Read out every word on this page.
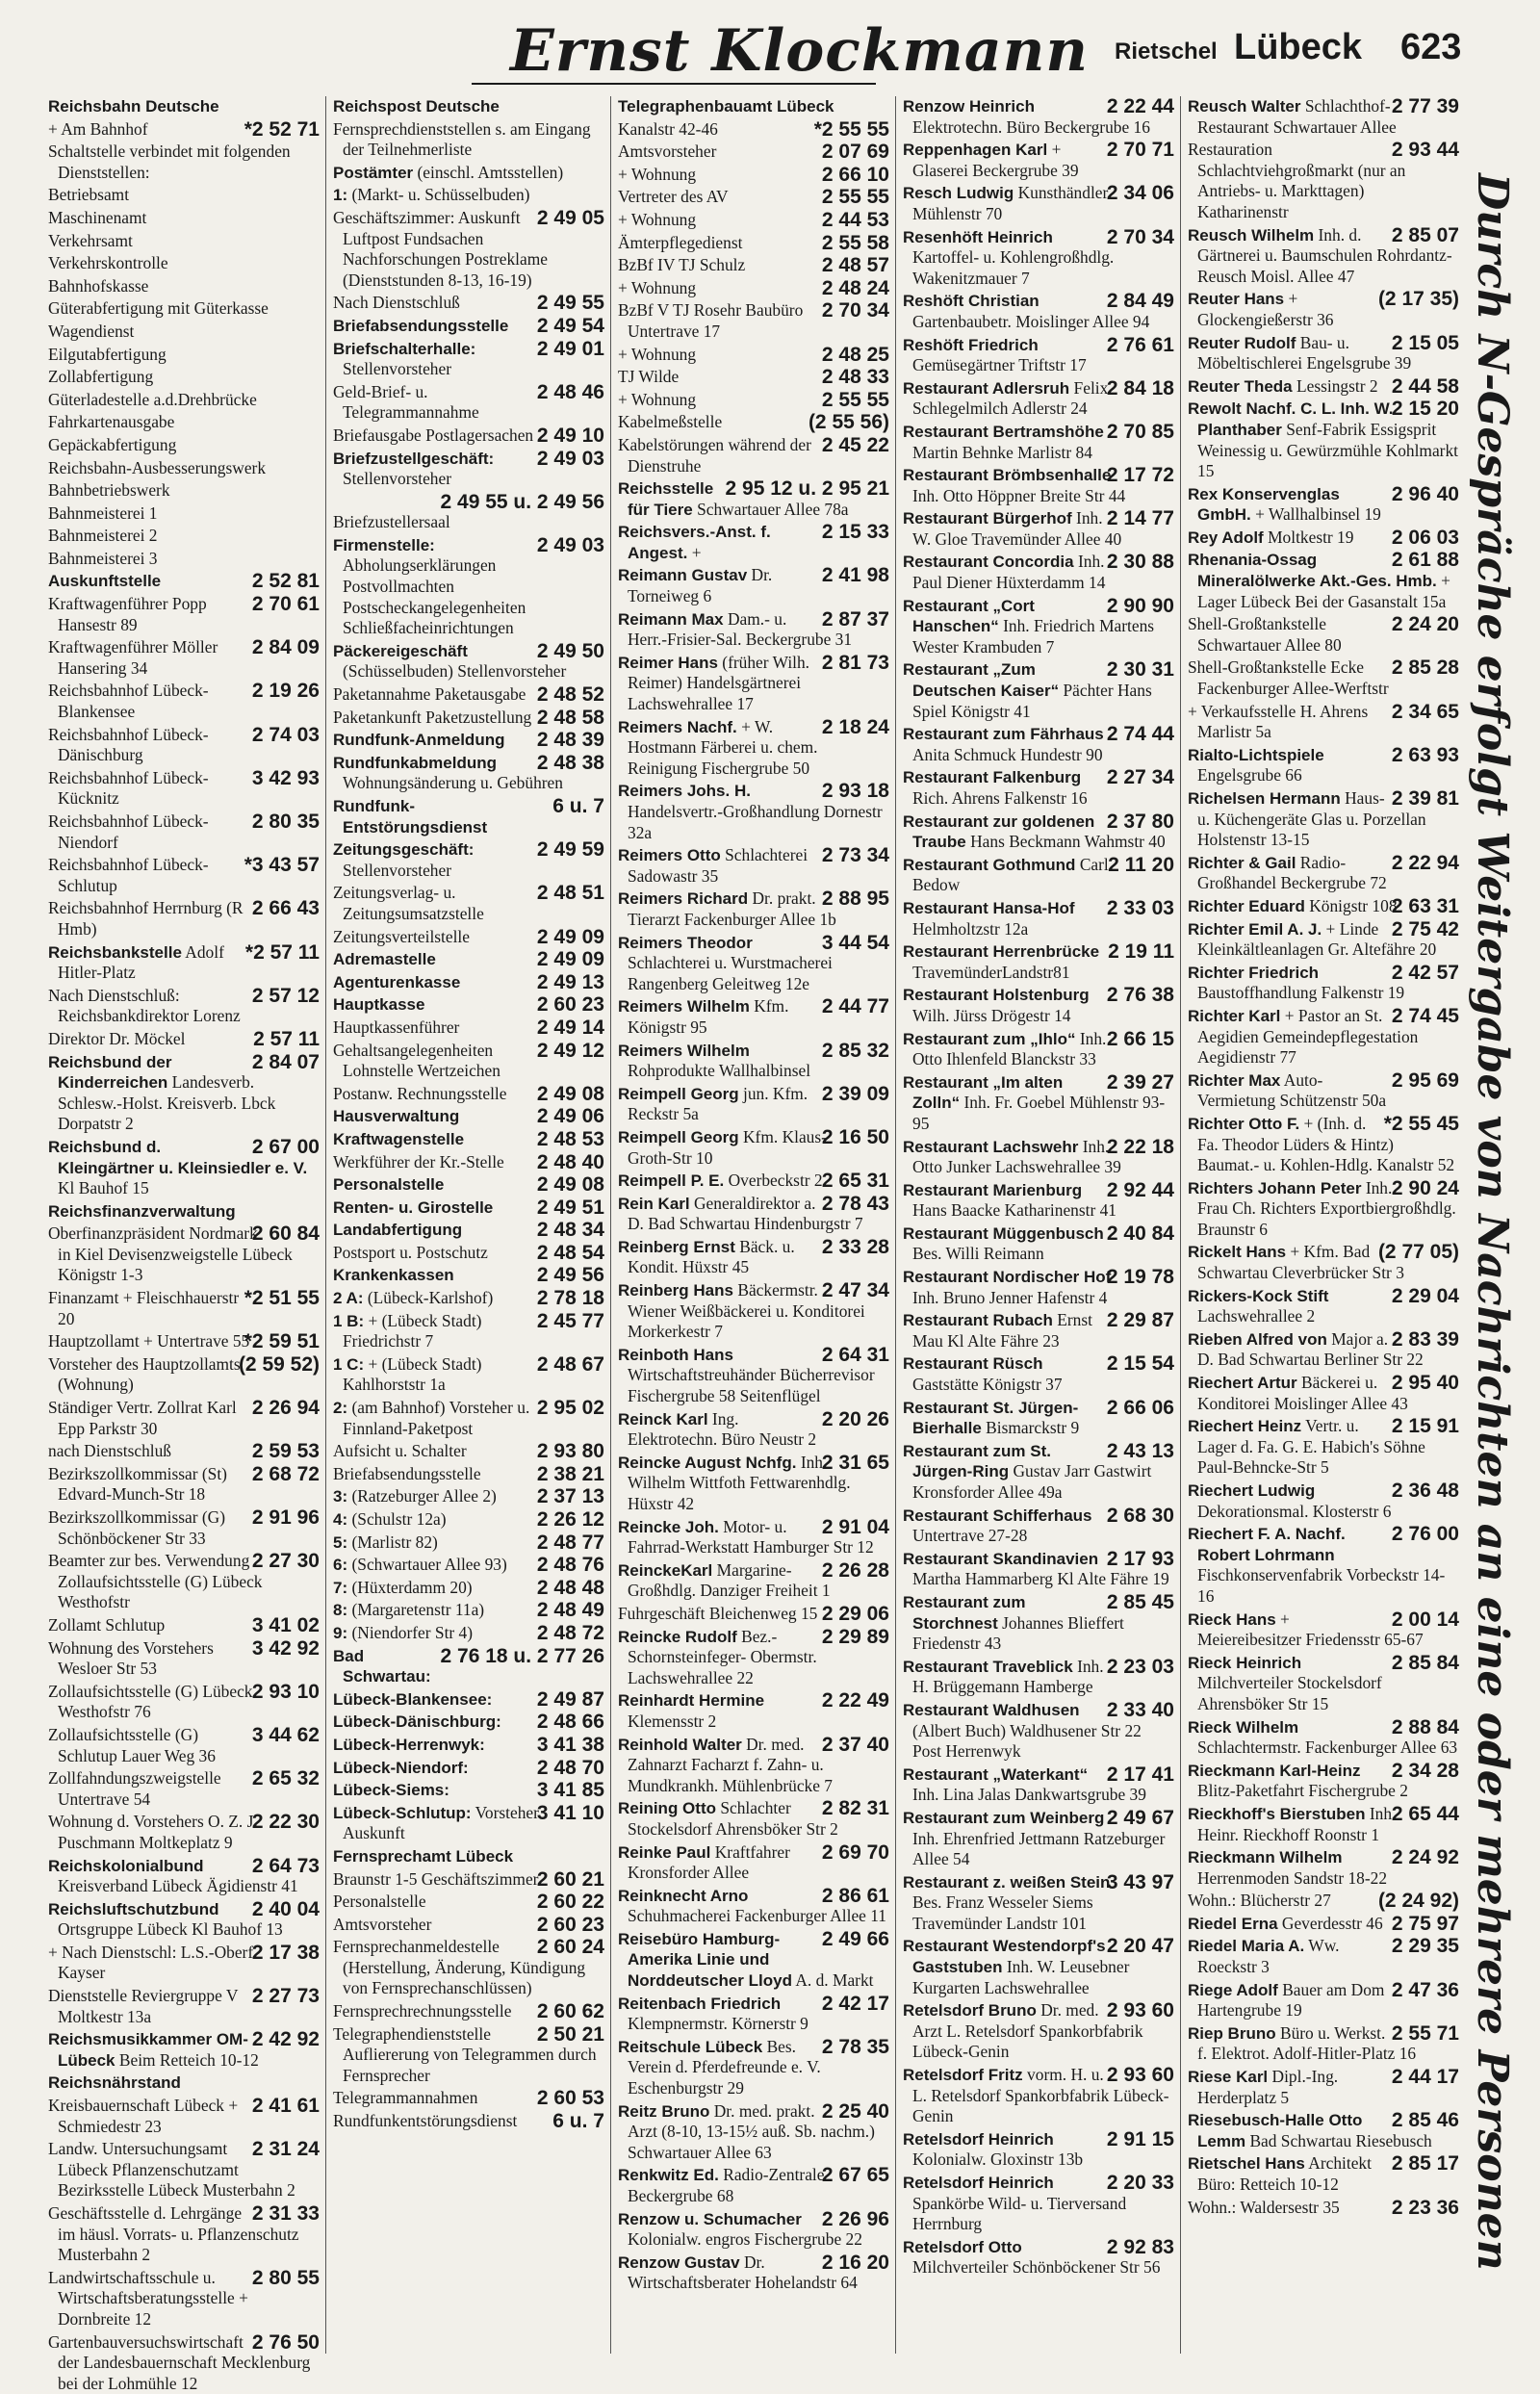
Ernst Klockmann Rietschel Lübeck 623
Reichsbahn Deutsche
*2 52 71
+ Am Bahnhof
Schaltstelle verbindet mit folgenden Dienststellen:
Betriebsamt
Maschinenamt
Verkehrsamt
Verkehrskontrolle
Bahnhofskasse
Güterabfertigung mit Güterkasse
Wagendienst
Eilgutabfertigung
Zollabfertigung
Güterladestelle a.d.Drehbrücke
Fahrkartenausgabe
Gepäckabfertigung
Reichsbahn-Ausbesserungswerk
Bahnbetriebswerk
Bahnmeisterei 1
Bahnmeisterei 2
Bahnmeisterei 3
2 52 81
Auskunftstelle
2 70 61
Kraftwagenführer Popp Hansestr 89
2 84 09
Kraftwagenführer Möller Hansering 34
2 19 26
Reichsbahnhof Lübeck-Blankensee
2 74 03
Reichsbahnhof Lübeck-Dänischburg
3 42 93
Reichsbahnhof Lübeck-Kücknitz
2 80 35
Reichsbahnhof Lübeck-Niendorf
*3 43 57
Reichsbahnhof Lübeck-Schlutup
2 66 43
Reichsbahnhof Herrnburg (R Hmb)
*2 57 11
Reichsbankstelle Adolf Hitler-Platz
2 57 12
Nach Dienstschluß: Reichsbankdirektor Lorenz
2 57 11
Direktor Dr. Möckel
2 84 07
Reichsbund der Kinderreichen Landesverb. Schlesw.-Holst. Kreisverb. Lbck Dorpatstr 2
2 67 00
Reichsbund d. Kleingärtner u. Kleinsiedler e. V. Kl Bauhof 15
Reichsfinanzverwaltung
2 60 84
Oberfinanzpräsident Nordmark in Kiel Devisenzweigstelle Lübeck Königstr 1-3
*2 51 55
Finanzamt + Fleischhauerstr 20
*2 59 51
Hauptzollamt + Untertrave 55
(2 59 52)
Vorsteher des Hauptzollamts (Wohnung)
2 26 94
Ständiger Vertr. Zollrat Karl Epp Parkstr 30
2 59 53
nach Dienstschluß
2 68 72
Bezirkszollkommissar (St) Edvard-Munch-Str 18
2 91 96
Bezirkszollkommissar (G) Schönböckener Str 33
2 27 30
Beamter zur bes. Verwendung Zollaufsichtsstelle (G) Lübeck Westhofstr
3 41 02
Zollamt Schlutup
3 42 92
Wohnung des Vorstehers Wesloer Str 53
2 93 10
Zollaufsichtsstelle (G) Lübeck Westhofstr 76
3 44 62
Zollaufsichtsstelle (G) Schlutup Lauer Weg 36
2 65 32
Zollfahndungszweigstelle Untertrave 54
2 22 30
Wohnung d. Vorstehers O. Z. J. Puschmann Moltkeplatz 9
2 64 73
Reichskolonialbund Kreisverband Lübeck Ägidienstr 41
2 40 04
Reichsluftschutzbund Ortsgruppe Lübeck Kl Bauhof 13
2 17 38
+ Nach Dienstschl: L.S.-Oberf. Kayser
2 27 73
Dienststelle Reviergruppe V Moltkestr 13a
2 42 92
Reichsmusikkammer OM-Lübeck Beim Retteich 10-12
Reichsnährstand
2 41 61
Kreisbauernschaft Lübeck + Schmiedestr 23
2 31 24
Landw. Untersuchungsamt Lübeck Pflanzenschutzamt Bezirksstelle Lübeck Musterbahn 2
2 31 33
Geschäftsstelle d. Lehrgänge im häusl. Vorrats- u. Pflanzenschutz Musterbahn 2
2 80 55
Landwirtschaftsschule u. Wirtschaftsberatungsstelle + Dornbreite 12
2 76 50
Gartenbauversuchswirtschaft der Landesbauernschaft Mecklenburg bei der Lohmühle 12
Reichspost Deutsche
Fernsprechdienststellen s. am Eingang der Teilnehmerliste
Postämter (einschl. Amtsstellen)
1: (Markt- u. Schüsselbuden)
2 49 05
Geschäftszimmer: Auskunft Luftpost Fundsachen Nachforschungen Postreklame (Dienststunden 8-13, 16-19)
2 49 55
Nach Dienstschluß
2 49 54
Briefabsendungsstelle
2 49 01
Briefschalterhalle: Stellenvorsteher
2 48 46
Geld-Brief- u. Telegrammannahme
2 49 10
Briefausgabe Postlagersachen
2 49 03
Briefzustellgeschäft: Stellenvorsteher
2 49 55 u. 2 49 56
Briefzustellersaal
2 49 03
Firmenstelle: Abholungserklärungen Postvollmachten Postscheckangelegenheiten Schließfacheinrichtungen
2 49 50
Päckereigeschäft (Schüsselbuden) Stellenvorsteher
2 48 52
Paketannahme Paketausgabe
2 48 58
Paketankunft Paketzustellung
2 48 39
Rundfunk-Anmeldung
2 48 38
Rundfunkabmeldung Wohnungsänderung u. Gebühren
6 u. 7
Rundfunk-Entstörungsdienst
2 49 59
Zeitungsgeschäft: Stellenvorsteher
2 48 51
Zeitungsverlag- u. Zeitungsumsatzstelle
2 49 09
Zeitungsverteilstelle
2 49 09
Adremastelle
2 49 13
Agenturenkasse
2 60 23
Hauptkasse
2 49 14
Hauptkassenführer
2 49 12
Gehaltsangelegenheiten Lohnstelle Wertzeichen
2 49 08
Postanw. Rechnungsstelle
2 49 06
Hausverwaltung
2 48 53
Kraftwagenstelle
2 48 40
Werkführer der Kr.-Stelle
2 49 08
Personalstelle
2 49 51
Renten- u. Girostelle
2 48 34
Landabfertigung
2 48 54
Postsport u. Postschutz
2 49 56
Krankenkassen
2 78 18
2 A: (Lübeck-Karlshof)
2 45 77
1 B: + (Lübeck Stadt) Friedrichstr 7
2 48 67
1 C: + (Lübeck Stadt) Kahlhorststr 1a
2 95 02
2: (am Bahnhof) Vorsteher u. Finnland-Paketpost
2 93 80
Aufsicht u. Schalter
2 38 21
Briefabsendungsstelle
2 37 13
3: (Ratzeburger Allee 2)
2 26 12
4: (Schulstr 12a)
2 48 77
5: (Marlistr 82)
2 48 76
6: (Schwartauer Allee 93)
2 48 48
7: (Hüxterdamm 20)
2 48 49
8: (Margaretenstr 11a)
2 48 72
9: (Niendorfer Str 4)
2 76 18 u. 2 77 26
Bad Schwartau:
2 49 87
Lübeck-Blankensee:
2 48 66
Lübeck-Dänischburg:
3 41 38
Lübeck-Herrenwyk:
2 48 70
Lübeck-Niendorf:
3 41 85
Lübeck-Siems:
3 41 10
Lübeck-Schlutup: Vorsteher Auskunft
Fernsprechamt Lübeck
2 60 21
Braunstr 1-5 Geschäftszimmer
2 60 22
Personalstelle
2 60 23
Amtsvorsteher
2 60 24
Fernsprechanmeldestelle (Herstellung, Änderung, Kündigung von Fernsprechanschlüssen)
2 60 62
Fernsprechrechnungsstelle
2 50 21
Telegraphendienststelle Aufliererung von Telegrammen durch Fernsprecher
2 60 53
Telegrammannahmen
6 u. 7
Rundfunkentstörungsdienst
Telegraphenbauamt Lübeck
*2 55 55
Kanalstr 42-46
2 07 69
Amtsvorsteher
2 66 10
+ Wohnung
2 55 55
Vertreter des AV
2 44 53
+ Wohnung
2 55 58
Ämterpflegedienst
2 48 57
BzBf IV TJ Schulz
2 48 24
+ Wohnung
2 70 34
BzBf V TJ Rosehr Baubüro Untertrave 17
2 48 25
+ Wohnung
2 48 33
TJ Wilde
2 55 55
+ Wohnung
(2 55 56)
Kabelmeßstelle
2 45 22
Kabelstörungen während der Dienstruhe
2 95 12 u. 2 95 21
Reichsstelle für Tiere Schwartauer Allee 78a
2 15 33
Reichsvers.-Anst. f. Angest. +
2 41 98
Reimann Gustav Dr. Torneiweg 6
2 87 37
Reimann Max Dam.- u. Herr.-Frisier-Sal. Beckergrube 31
2 81 73
Reimer Hans (früher Wilh. Reimer) Handelsgärtnerei Lachswehrallee 17
2 18 24
Reimers Nachf. + W. Hostmann Färberei u. chem. Reinigung Fischergrube 50
2 93 18
Reimers Johs. H. Handelsvertr.-Großhandlung Dornestr 32a
2 73 34
Reimers Otto Schlachterei Sadowastr 35
2 88 95
Reimers Richard Dr. prakt. Tierarzt Fackenburger Allee 1b
3 44 54
Reimers Theodor Schlachterei u. Wurstmacherei Rangenberg Geleitweg 12e
2 44 77
Reimers Wilhelm Kfm. Königstr 95
2 85 32
Reimers Wilhelm Rohprodukte Wallhalbinsel
2 39 09
Reimpell Georg jun. Kfm. Reckstr 5a
2 16 50
Reimpell Georg Kfm. Klaus-Groth-Str 10
2 65 31
Reimpell P. E. Overbeckstr 2
2 78 43
Rein Karl Generaldirektor a. D. Bad Schwartau Hindenburgstr 7
2 33 28
Reinberg Ernst Bäck. u. Kondit. Hüxstr 45
2 47 34
Reinberg Hans Bäckermstr. Wiener Weißbäckerei u. Konditorei Morkerkestr 7
2 64 31
Reinboth Hans Wirtschaftstreuhänder Bücherrevisor Fischergrube 58 Seitenflügel
2 20 26
Reinck Karl Ing. Elektrotechn. Büro Neustr 2
2 31 65
Reincke August Nchfg. Inh. Wilhelm Wittfoth Fettwarenhdlg. Hüxstr 42
2 91 04
Reincke Joh. Motor- u. Fahrrad-Werkstatt Hamburger Str 12
2 26 28
ReinckeKarl Margarine-Großhdlg. Danziger Freiheit 1
2 29 06
Fuhrgeschäft Bleichenweg 15
2 29 89
Reincke Rudolf Bez.-Schornsteinfeger- Obermstr. Lachswehrallee 22
2 22 49
Reinhardt Hermine Klemensstr 2
2 37 40
Reinhold Walter Dr. med. Zahnarzt Facharzt f. Zahn- u. Mundkrankh. Mühlenbrücke 7
2 82 31
Reining Otto Schlachter Stockelsdorf Ahrensböker Str 2
2 69 70
Reinke Paul Kraftfahrer Kronsforder Allee
2 86 61
Reinknecht Arno Schuhmacherei Fackenburger Allee 11
2 49 66
Reisebüro Hamburg-Amerika Linie und Norddeutscher Lloyd A. d. Markt
2 42 17
Reitenbach Friedrich Klempnermstr. Körnerstr 9
2 78 35
Reitschule Lübeck Bes. Verein d. Pferdefreunde e. V. Eschenburgstr 29
2 25 40
Reitz Bruno Dr. med. prakt. Arzt (8-10, 13-15½ auß. Sb. nachm.) Schwartauer Allee 63
2 67 65
Renkwitz Ed. Radio-Zentrale Beckergrube 68
2 26 96
Renzow u. Schumacher Kolonialw. engros Fischergrube 22
2 16 20
Renzow Gustav Dr. Wirtschaftsberater Hohelandstr 64
2 22 44
Renzow Heinrich Elektrotechn. Büro Beckergrube 16
2 70 71
Reppenhagen Karl + Glaserei Beckergrube 39
2 34 06
Resch Ludwig Kunsthändler Mühlenstr 70
2 70 34
Resenhöft Heinrich Kartoffel- u. Kohlengroßhdlg. Wakenitzmauer 7
2 84 49
Reshöft Christian Gartenbaubetr. Moislinger Allee 94
2 76 61
Reshöft Friedrich Gemüsegärtner Triftstr 17
2 84 18
Restaurant Adlersruh Felix Schlegelmilch Adlerstr 24
2 70 85
Restaurant Bertramshöhe Martin Behnke Marlistr 84
2 17 72
Restaurant Brömbsenhalle Inh. Otto Höppner Breite Str 44
2 14 77
Restaurant Bürgerhof Inh. W. Gloe Travemünder Allee 40
2 30 88
Restaurant Concordia Inh. Paul Diener Hüxterdamm 14
2 90 90
Restaurant „Cort Hanschen“ Inh. Friedrich Martens Wester Krambuden 7
2 30 31
Restaurant „Zum Deutschen Kaiser“ Pächter Hans Spiel Königstr 41
2 74 44
Restaurant zum Fährhaus Anita Schmuck Hundestr 90
2 27 34
Restaurant Falkenburg Rich. Ahrens Falkenstr 16
2 37 80
Restaurant zur goldenen Traube Hans Beckmann Wahmstr 40
2 11 20
Restaurant Gothmund Carl Bedow
2 33 03
Restaurant Hansa-Hof Helmholtzstr 12a
2 19 11
Restaurant Herrenbrücke TravemünderLandstr81
2 76 38
Restaurant Holstenburg Wilh. Jürss Drögestr 14
2 66 15
Restaurant zum „Ihlo“ Inh. Otto Ihlenfeld Blanckstr 33
2 39 27
Restaurant „Im alten Zolln“ Inh. Fr. Goebel Mühlenstr 93-95
2 22 18
Restaurant Lachswehr Inh. Otto Junker Lachswehrallee 39
2 92 44
Restaurant Marienburg Hans Baacke Katharinenstr 41
2 40 84
Restaurant Müggenbusch Bes. Willi Reimann
2 19 78
Restaurant Nordischer Hof Inh. Bruno Jenner Hafenstr 4
2 29 87
Restaurant Rubach Ernst Mau Kl Alte Fähre 23
2 15 54
Restaurant Rüsch Gaststätte Königstr 37
2 66 06
Restaurant St. Jürgen-Bierhalle Bismarckstr 9
2 43 13
Restaurant zum St. Jürgen-Ring Gustav Jarr Gastwirt Kronsforder Allee 49a
2 68 30
Restaurant Schifferhaus Untertrave 27-28
2 17 93
Restaurant Skandinavien Martha Hammarberg Kl Alte Fähre 19
2 85 45
Restaurant zum Storchnest Johannes Blieffert Friedenstr 43
2 23 03
Restaurant Traveblick Inh. H. Brüggemann Hamberge
2 33 40
Restaurant Waldhusen (Albert Buch) Waldhusener Str 22 Post Herrenwyk
2 17 41
Restaurant „Waterkant“ Inh. Lina Jalas Dankwartsgrube 39
2 49 67
Restaurant zum Weinberg Inh. Ehrenfried Jettmann Ratzeburger Allee 54
3 43 97
Restaurant z. weißen Stein Bes. Franz Wesseler Siems Travemünder Landstr 101
2 20 47
Restaurant Westendorpf's Gaststuben Inh. W. Leusebner Kurgarten Lachswehrallee
2 93 60
Retelsdorf Bruno Dr. med. Arzt L. Retelsdorf Spankorbfabrik Lübeck-Genin
2 93 60
Retelsdorf Fritz vorm. H. u. L. Retelsdorf Spankorbfabrik Lübeck-Genin
2 91 15
Retelsdorf Heinrich Kolonialw. Gloxinstr 13b
2 20 33
Retelsdorf Heinrich Spankörbe Wild- u. Tierversand Herrnburg
2 92 83
Retelsdorf Otto Milchverteiler Schönböckener Str 56
2 77 39
Reusch Walter Schlachthof-Restaurant Schwartauer Allee
2 93 44
Restauration Schlachtviehgroßmarkt (nur an Antriebs- u. Markttagen) Katharinenstr
2 85 07
Reusch Wilhelm Inh. d. Gärtnerei u. Baumschulen Rohrdantz-Reusch Moisl. Allee 47
(2 17 35)
Reuter Hans + Glockengießerstr 36
2 15 05
Reuter Rudolf Bau- u. Möbeltischlerei Engelsgrube 39
2 44 58
Reuter Theda Lessingstr 2
2 15 20
Rewolt Nachf. C. L. Inh. W. Planthaber Senf-Fabrik Essigsprit Weinessig u. Gewürzmühle Kohlmarkt 15
2 96 40
Rex Konservenglas GmbH. + Wallhalbinsel 19
2 06 03
Rey Adolf Moltkestr 19
2 61 88
Rhenania-Ossag Mineralölwerke Akt.-Ges. Hmb. + Lager Lübeck Bei der Gasanstalt 15a
2 24 20
Shell-Großtankstelle Schwartauer Allee 80
2 85 28
Shell-Großtankstelle Ecke Fackenburger Allee-Werftstr
2 34 65
+ Verkaufsstelle H. Ahrens Marlistr 5a
2 63 93
Rialto-Lichtspiele Engelsgrube 66
2 39 81
Richelsen Hermann Haus- u. Küchengeräte Glas u. Porzellan Holstenstr 13-15
2 22 94
Richter & Gail Radio-Großhandel Beckergrube 72
2 63 31
Richter Eduard Königstr 108
2 75 42
Richter Emil A. J. + Linde Kleinkältleanlagen Gr. Altefähre 20
2 42 57
Richter Friedrich Baustoffhandlung Falkenstr 19
2 74 45
Richter Karl + Pastor an St. Aegidien Gemeindepflegestation Aegidienstr 77
2 95 69
Richter Max Auto-Vermietung Schützenstr 50a
*2 55 45
Richter Otto F. + (Inh. d. Fa. Theodor Lüders & Hintz) Baumat.- u. Kohlen-Hdlg. Kanalstr 52
2 90 24
Richters Johann Peter Inh. Frau Ch. Richters Exportbiergroßhdlg. Braunstr 6
(2 77 05)
Rickelt Hans + Kfm. Bad Schwartau Cleverbrücker Str 3
2 29 04
Rickers-Kock Stift Lachswehrallee 2
2 83 39
Rieben Alfred von Major a. D. Bad Schwartau Berliner Str 22
2 95 40
Riechert Artur Bäckerei u. Konditorei Moislinger Allee 43
2 15 91
Riechert Heinz Vertr. u. Lager d. Fa. G. E. Habich's Söhne Paul-Behncke-Str 5
2 36 48
Riechert Ludwig Dekorationsmal. Klosterstr 6
2 76 00
Riechert F. A. Nachf. Robert Lohrmann Fischkonservenfabrik Vorbeckstr 14-16
2 00 14
Rieck Hans + Meiereibesitzer Friedensstr 65-67
2 85 84
Rieck Heinrich Milchverteiler Stockelsdorf Ahrensböker Str 15
2 88 84
Rieck Wilhelm Schlachtermstr. Fackenburger Allee 63
2 34 28
Rieckmann Karl-Heinz Blitz-Paketfahrt Fischergrube 2
2 65 44
Rieckhoff's Bierstuben Inh. Heinr. Rieckhoff Roonstr 1
2 24 92
Rieckmann Wilhelm Herrenmoden Sandstr 18-22
(2 24 92)
Wohn.: Blücherstr 27
2 75 97
Riedel Erna Geverdesstr 46
2 29 35
Riedel Maria A. Ww. Roeckstr 3
2 47 36
Riege Adolf Bauer am Dom Hartengrube 19
2 55 71
Riep Bruno Büro u. Werkst. f. Elektrot. Adolf-Hitler-Platz 16
2 44 17
Riese Karl Dipl.-Ing. Herderplatz 5
2 85 46
Riesebusch-Halle Otto Lemm Bad Schwartau Riesebusch
2 85 17
Rietschel Hans Architekt Büro: Retteich 10-12
2 23 36
Wohn.: Waldersestr 35	Durch N-Gespräche erfolgt Weitergabe von Nachrichten an eine oder mehrere Personen
